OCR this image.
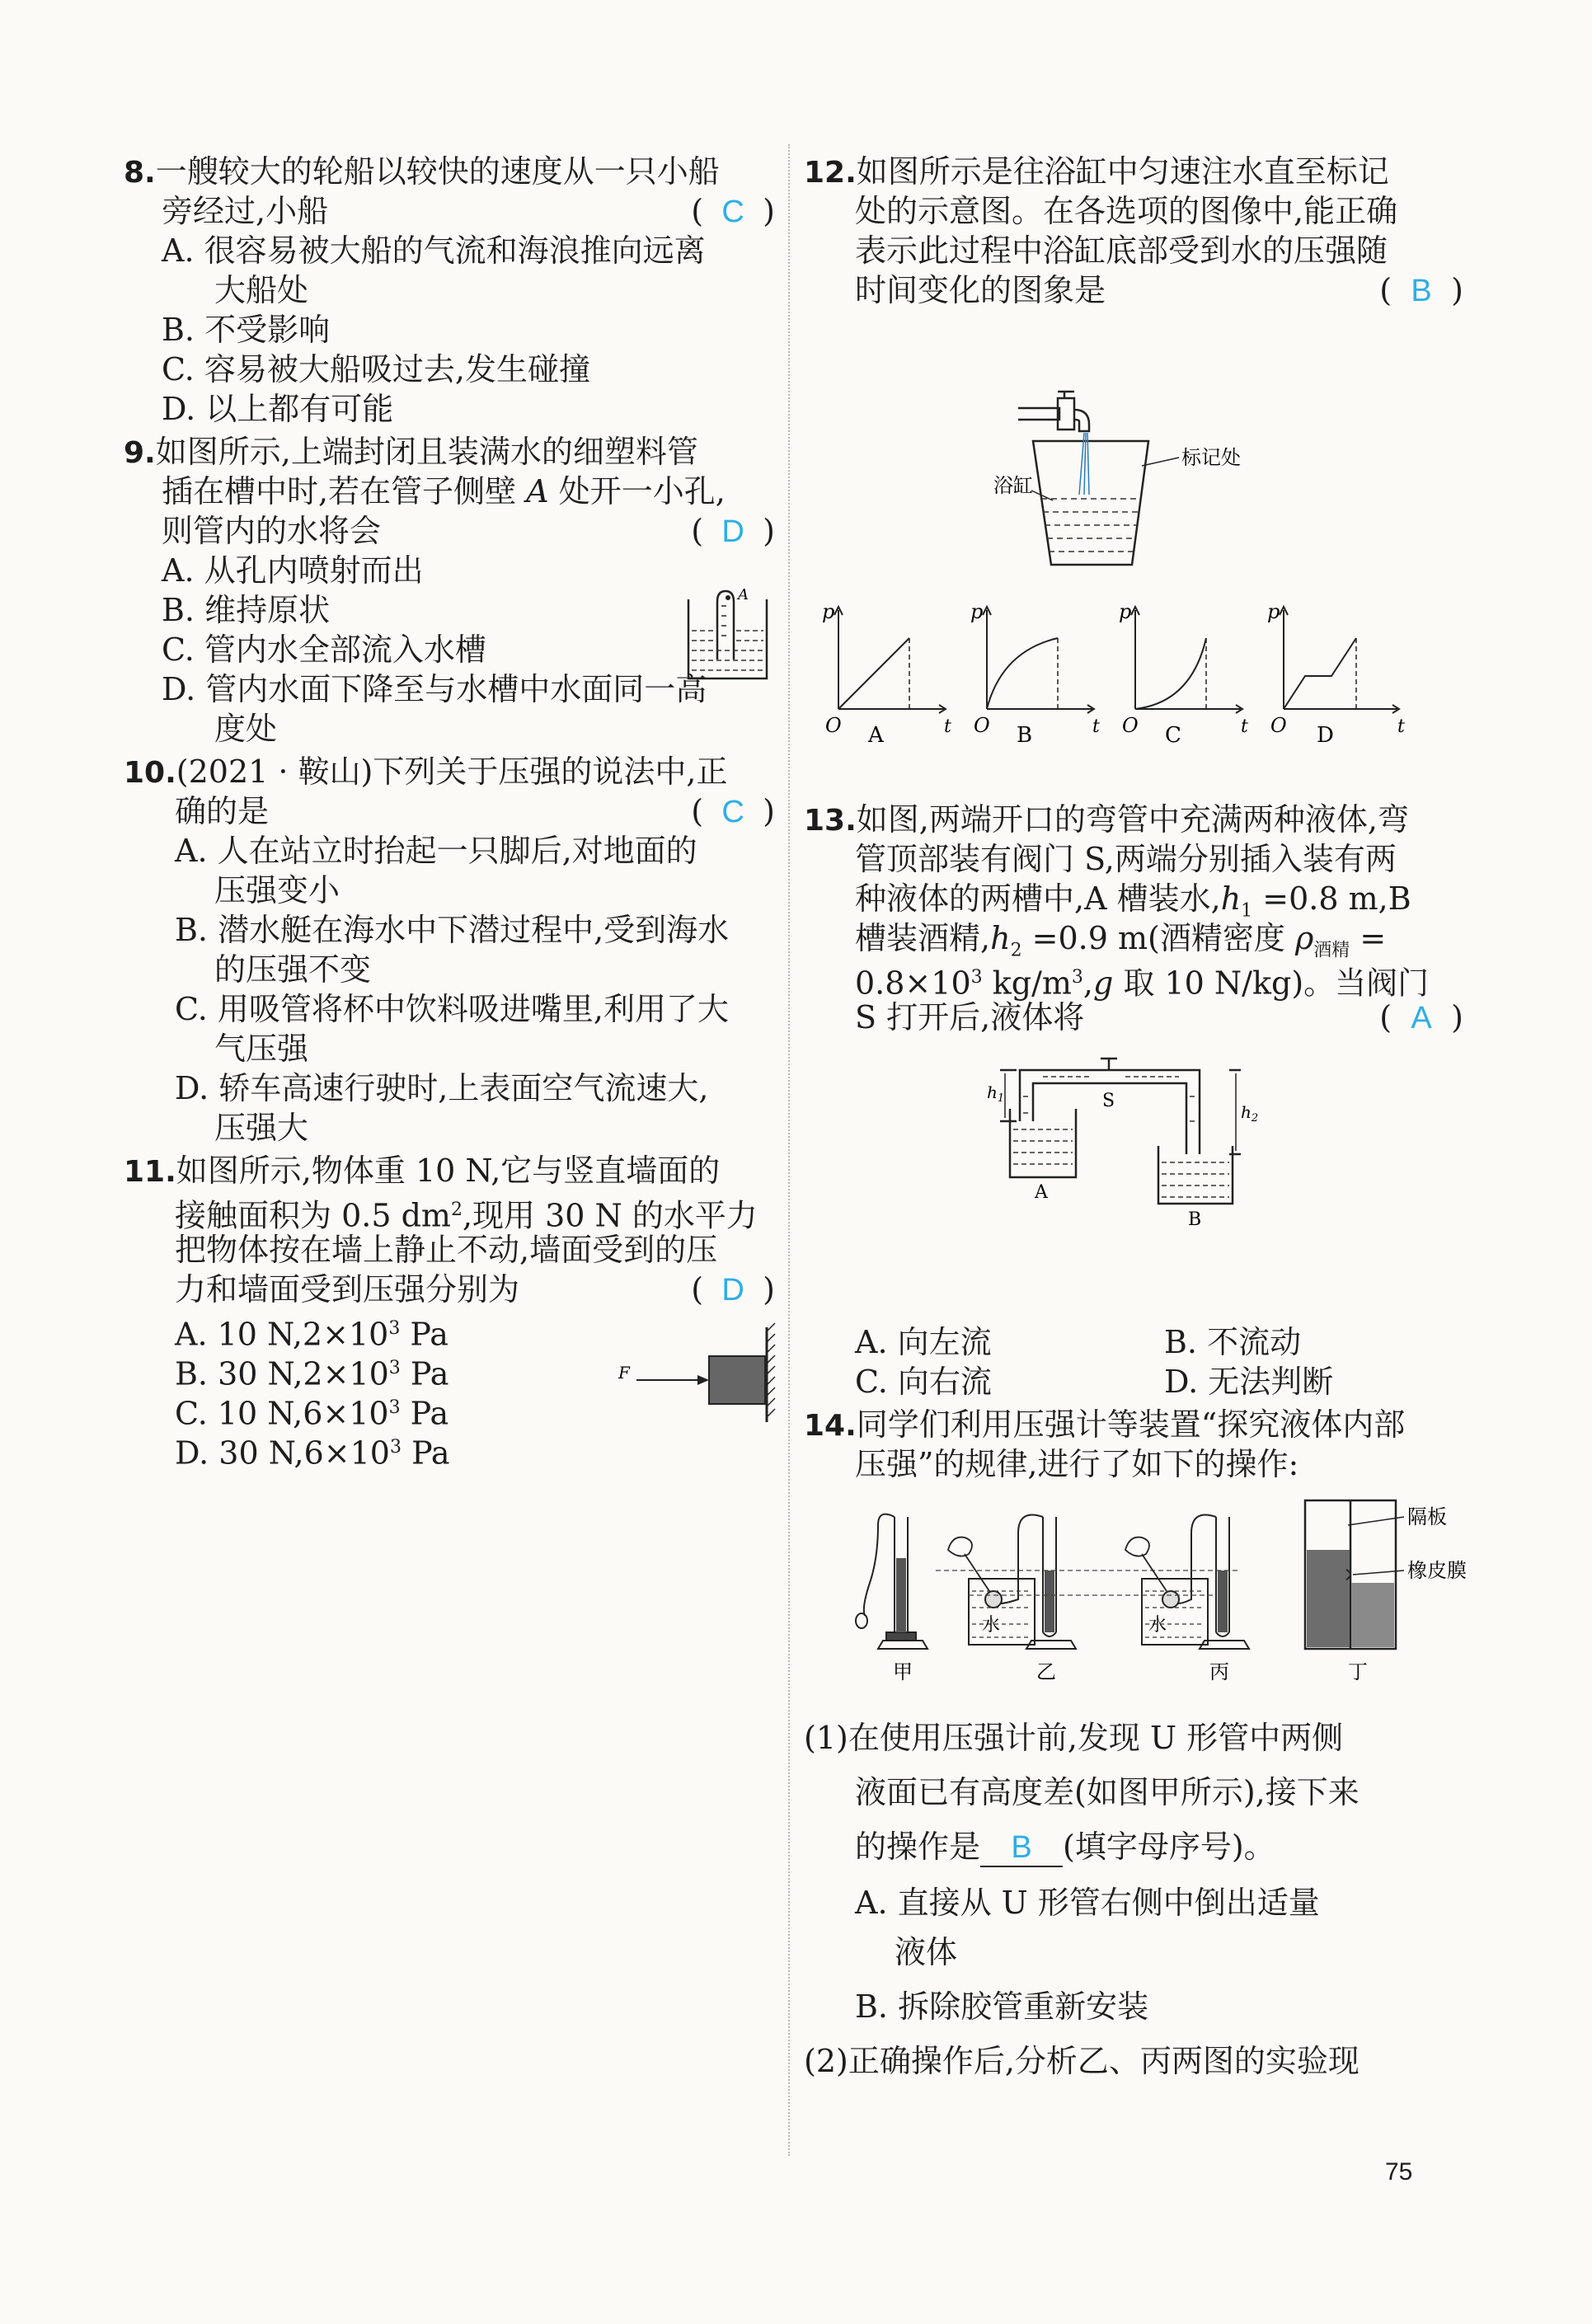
8.一艘较大的轮船以较快的速度从一只小船
旁经过,小船	( C )
A. 很容易被大船的气流和海浪推向远离
大船处
B. 不受影响
C. 容易被大船吸过去,发生碰撞
D. 以上都有可能
9.如图所示,上端封闭且装满水的细塑料管
插在槽中时,若在管子侧壁 A 处开一小孔,
则管内的水将会	( D )
A. 从孔内喷射而出
B. 维持原状
C. 管内水全部流入水槽
D. 管内水面下降至与水槽中水面同一高
度处
A
10.(2021 · 鞍山)下列关于压强的说法中,正
确的是	( C )
A. 人在站立时抬起一只脚后,对地面的
压强变小
B. 潜水艇在海水中下潜过程中,受到海水
的压强不变
C. 用吸管将杯中饮料吸进嘴里,利用了大
气压强
D. 轿车高速行驶时,上表面空气流速大,
压强大
11.如图所示,物体重 10 N,它与竖直墙面的
接触面积为 0.5 $dm^2$,现用 30 N 的水平力
把物体按在墙上静止不动,墙面受到的压
力和墙面受到压强分别为	( D )
A. 10 $N,2\times 10^3$ Pa
B. 30 $N,2\times 10^3$ Pa
C. 10 $N,6\times 10^3$ Pa
D. 30 $N,6\times 10^3$ Pa
F
12.如图所示是往浴缸中匀速注水直至标记
处的示意图。在各选项的图像中,能正确
表示此过程中浴缸底部受到水的压强随
时间变化的图象是	( B )
标记处
浴缸
p
O	t
A
p
O	t
B
p
O	t
C
p
O	t
D
13.如图,两端开口的弯管中充满两种液体,弯
管顶部装有阀门 S,两端分别插入装有两
种液体的两槽中,A 槽装水$,h_1 =0.8$ m,B
槽装酒精$,h_2 =0.9$ m(酒精密度 $\rho_{酒精}$ =
$0.8\times 10^3$ $kg/m^3,g$ 取 10 N/kg)。当阀门
S 打开后,液体将	( A )
S
$h_1$
$h_2$
A
B
A. 向左流	B. 不流动
C. 向右流	D. 无法判断
14.同学们利用压强计等装置“探究液体内部
压强”的规律,进行了如下的操作:
水	水
隔板
橡皮膜
甲	乙	丙	丁
(1)在使用压强计前,发现 U 形管中两侧
液面已有高度差(如图甲所示),接下来
的操作是 B (填字母序号)。
A. 直接从 U 形管右侧中倒出适量
液体
B. 拆除胶管重新安装
(2)正确操作后,分析乙、丙两图的实验现
75
